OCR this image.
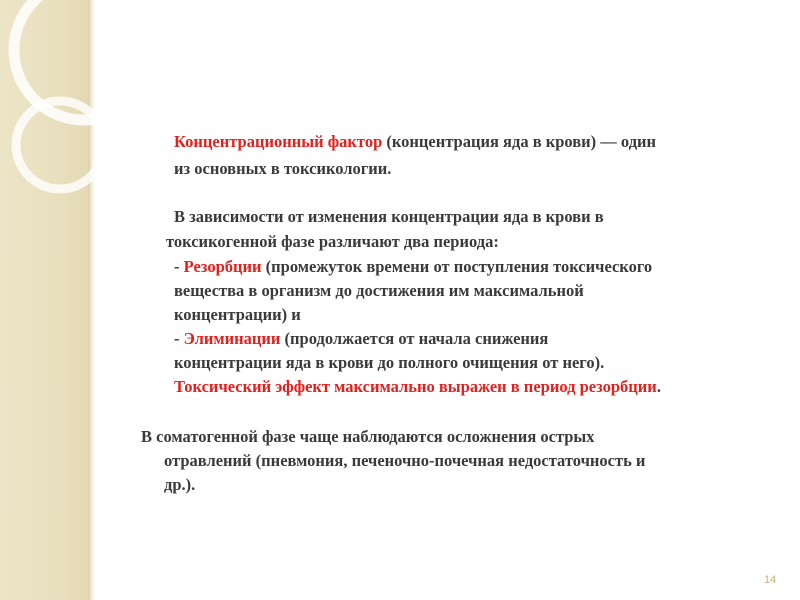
Концентрационный фактор (концентрация яда в крови) — один
из основных в токсикологии.
В зависимости от изменения концентрации яда в крови в
токсикогенной фазе различают два периода:
- Резорбции (промежуток времени от поступления токсического
вещества в организм до достижения им максимальной
концентрации) и
- Элиминации (продолжается от начала снижения
концентрации яда в крови до полного очищения от него).
Токсический эффект максимально выражен в период резорбции.
В соматогенной фазе чаще наблюдаются осложнения острых
отравлений (пневмония, печеночно-почечная недостаточность и
др.).
14
